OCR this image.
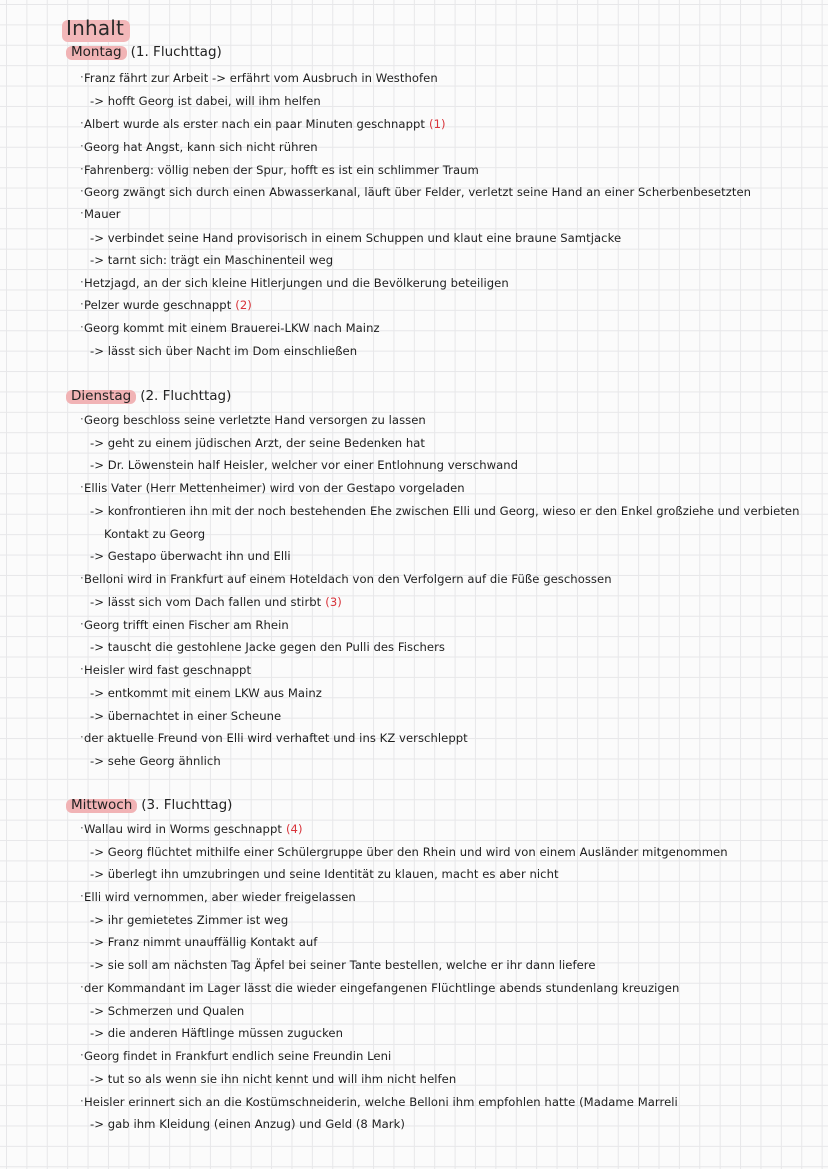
Inhalt
Montag (1. Fluchttag)
· Franz fährt zur Arbeit -> erfährt vom Ausbruch in Westhofen
-> hofft Georg ist dabei, will ihm helfen
· Albert wurde als erster nach ein paar Minuten geschnappt (1)
· Georg hat Angst, kann sich nicht rühren
· Fahrenberg: völlig neben der Spur, hofft es ist ein schlimmer Traum
· Georg zwängt sich durch einen Abwasserkanal, läuft über Felder, verletzt seine Hand an einer Scherbenbesetzten
· Mauer
-> verbindet seine Hand provisorisch in einem Schuppen und klaut eine braune Samtjacke
-> tarnt sich: trägt ein Maschinenteil weg
· Hetzjagd, an der sich kleine Hitlerjungen und die Bevölkerung beteiligen
· Pelzer wurde geschnappt (2)
· Georg kommt mit einem Brauerei-LKW nach Mainz
-> lässt sich über Nacht im Dom einschließen
Dienstag (2. Fluchttag)
· Georg beschloss seine verletzte Hand versorgen zu lassen
-> geht zu einem jüdischen Arzt, der seine Bedenken hat
-> Dr. Löwenstein half Heisler, welcher vor einer Entlohnung verschwand
· Ellis Vater (Herr Mettenheimer) wird von der Gestapo vorgeladen
-> konfrontieren ihn mit der noch bestehenden Ehe zwischen Elli und Georg, wieso er den Enkel großziehe und verbieten
Kontakt zu Georg
-> Gestapo überwacht ihn und Elli
· Belloni wird in Frankfurt auf einem Hoteldach von den Verfolgern auf die Füße geschossen
-> lässt sich vom Dach fallen und stirbt (3)
· Georg trifft einen Fischer am Rhein
-> tauscht die gestohlene Jacke gegen den Pulli des Fischers
· Heisler wird fast geschnappt
-> entkommt mit einem LKW aus Mainz
-> übernachtet in einer Scheune
· der aktuelle Freund von Elli wird verhaftet und ins KZ verschleppt
-> sehe Georg ähnlich
Mittwoch (3. Fluchttag)
· Wallau wird in Worms geschnappt (4)
-> Georg flüchtet mithilfe einer Schülergruppe über den Rhein und wird von einem Ausländer mitgenommen
-> überlegt ihn umzubringen und seine Identität zu klauen, macht es aber nicht
· Elli wird vernommen, aber wieder freigelassen
-> ihr gemietetes Zimmer ist weg
-> Franz nimmt unauffällig Kontakt auf
-> sie soll am nächsten Tag Äpfel bei seiner Tante bestellen, welche er ihr dann liefere
· der Kommandant im Lager lässt die wieder eingefangenen Flüchtlinge abends stundenlang kreuzigen
-> Schmerzen und Qualen
-> die anderen Häftlinge müssen zugucken
· Georg findet in Frankfurt endlich seine Freundin Leni
-> tut so als wenn sie ihn nicht kennt und will ihm nicht helfen
· Heisler erinnert sich an die Kostümschneiderin, welche Belloni ihm empfohlen hatte (Madame Marreli
-> gab ihm Kleidung (einen Anzug) und Geld (8 Mark)
